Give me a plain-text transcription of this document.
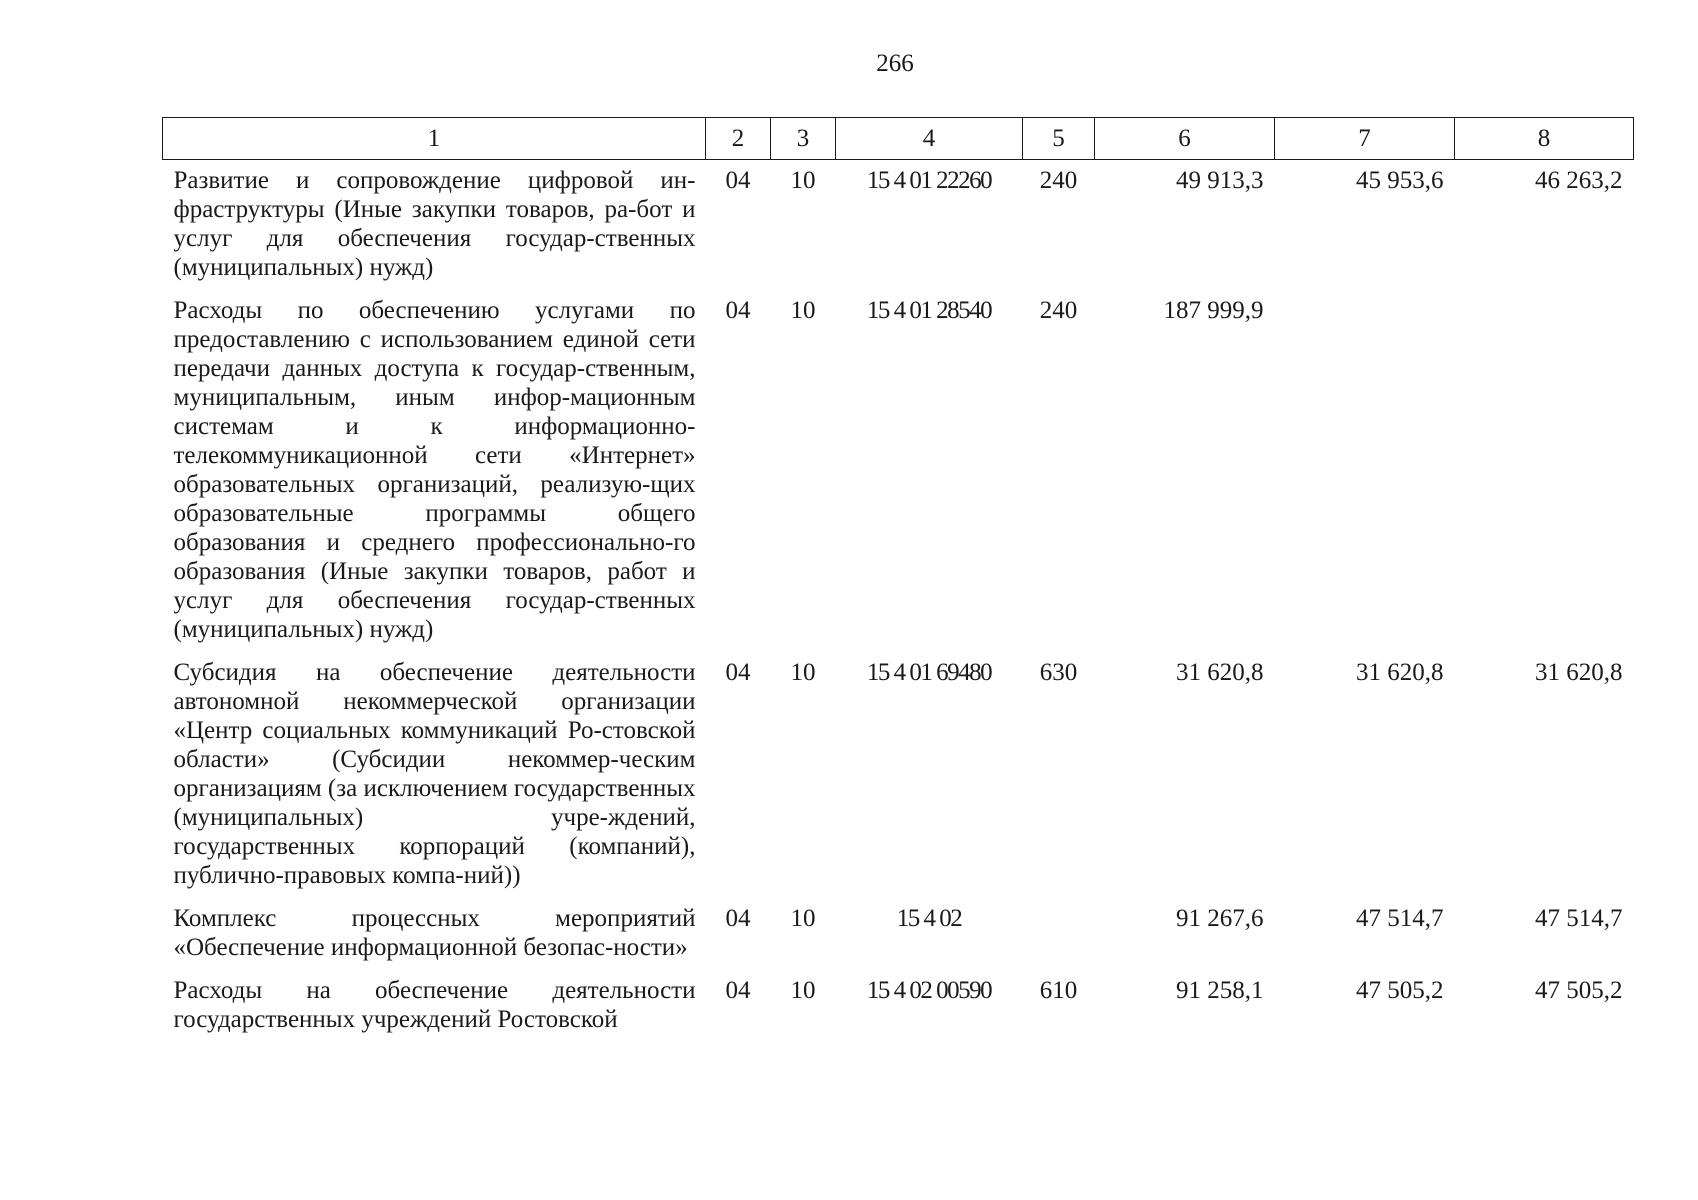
266
1	2	3	4	5	6	7	8
Развитие и сопровождение цифровой ин-фраструктуры (Иные закупки товаров, ра-бот и услуг для обеспечения государ-ственных (муниципальных) нужд)	04	10	15 4 01 22260	240	49 913,3	45 953,6	46 263,2
Расходы по обеспечению услугами по предоставлению с использованием единой сети передачи данных доступа к государ-ственным, муниципальным, иным инфор-мационным системам и к информационно-телекоммуникационной сети «Интернет» образовательных организаций, реализую-щих образовательные программы общего образования и среднего профессионально-го образования (Иные закупки товаров, работ и услуг для обеспечения государ-ственных (муниципальных) нужд)	04	10	15 4 01 28540	240	187 999,9		
Субсидия на обеспечение деятельности автономной некоммерческой организации «Центр социальных коммуникаций Ро-стовской области» (Субсидии некоммер-ческим организациям (за исключением государственных (муниципальных) учре-ждений, государственных корпораций (компаний), публично-правовых компа-ний))	04	10	15 4 01 69480	630	31 620,8	31 620,8	31 620,8
Комплекс процессных мероприятий «Обеспечение информационной безопас-ности»	04	10	15 4 02		91 267,6	47 514,7	47 514,7
Расходы на обеспечение деятельности государственных учреждений Ростовской	04	10	15 4 02 00590	610	91 258,1	47 505,2	47 505,2
